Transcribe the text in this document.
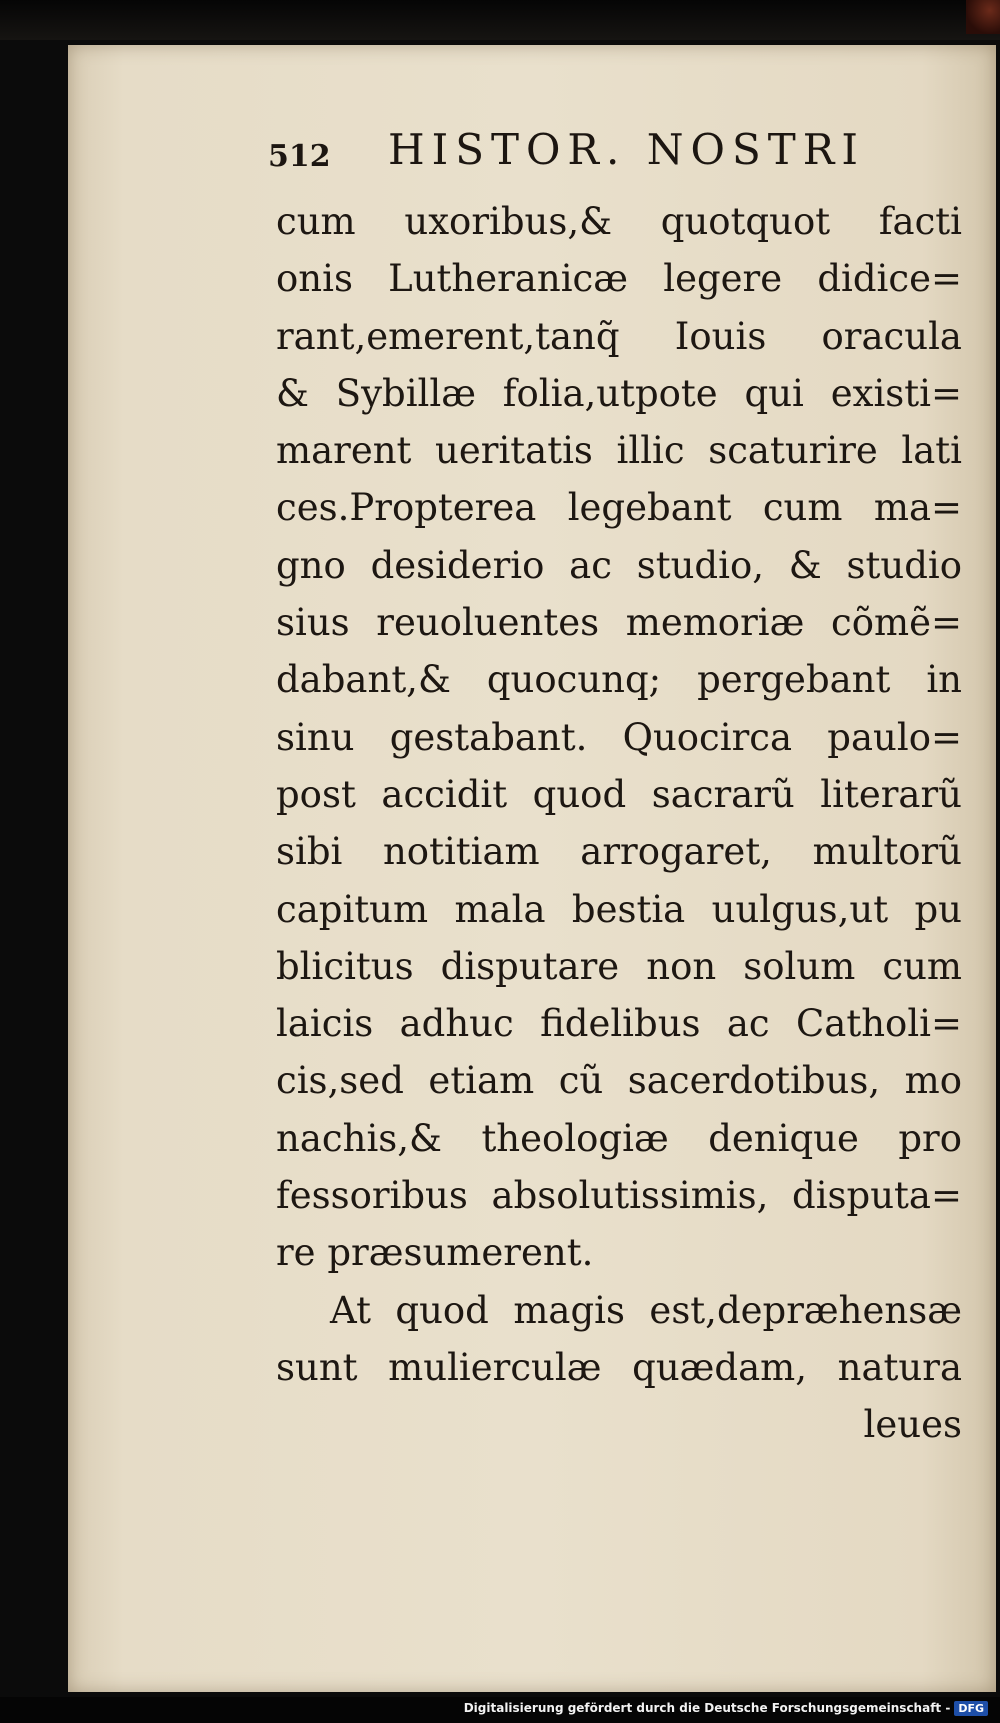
512 HISTOR. NOSTRI
cum uxoribus,& quotquot facti
onis Lutheranicæ legere didice=
rant,emerent,tanq̃ Iouis oracula
& Sybillæ folia,utpote qui existi=
marent ueritatis illic scaturire lati
ces.Propterea legebant cum ma=
gno desiderio ac studio, & studio
sius reuoluentes memoriæ cõmẽ=
dabant,& quocunq; pergebant in
sinu gestabant. Quocirca paulo=
post accidit quod sacrarũ literarũ
sibi notitiam arrogaret, multorũ
capitum mala bestia uulgus,ut pu
blicitus disputare non solum cum
laicis adhuc fidelibus ac Catholi=
cis,sed etiam cũ sacerdotibus, mo
nachis,& theologiæ denique pro
fessoribus absolutissimis, disputa=
re præsumerent.
At quod magis est,deprӕhensӕ
sunt mulierculæ quædam, natura
leues
Digitalisierung gefördert durch die Deutsche Forschungsgemeinschaft - DFG
